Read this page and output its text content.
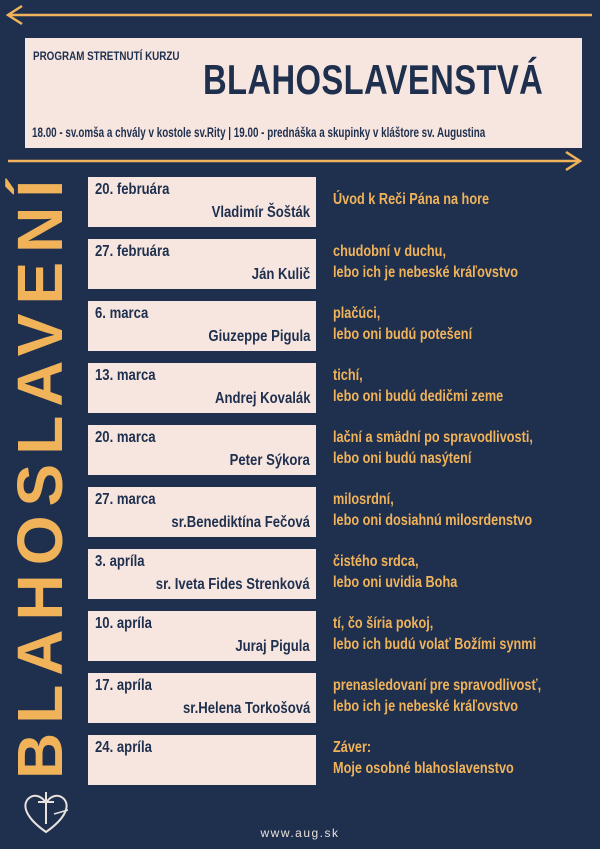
PROGRAM STRETNUTÍ KURZU BLAHOSLAVENSTVÁ
18.00 - sv.omša a chvály v kostole sv.Rity | 19.00 - prednáška a skupinky v kláštore sv. Augustina
BLAHOSLAVENÍ 20. februára
Vladimír Šošták
Úvod k Reči Pána na hore
27. februára
Ján Kulič
chudobní v duchu,
lebo ich je nebeské kráľovstvo
6. marca
Giuzeppe Pigula
plačúci,
lebo oni budú potešení
13. marca
Andrej Kovalák
tichí,
lebo oni budú dedičmi zeme
20. marca
Peter Sýkora
lační a smädní po spravodlivosti,
lebo oni budú nasýtení
27. marca
sr.Benediktína Fečová
milosrdní,
lebo oni dosiahnú milosrdenstvo
3. apríla
sr. Iveta Fides Strenková
čistého srdca,
lebo oni uvidia Boha
10. apríla
Juraj Pigula
tí, čo šíria pokoj,
lebo ich budú volať Božími synmi
17. apríla
sr.Helena Torkošová
prenasledovaní pre spravodlivosť,
lebo ich je nebeské kráľovstvo
24. apríla	Záver:
Moje osobné blahoslavenstvo
www.aug.sk
